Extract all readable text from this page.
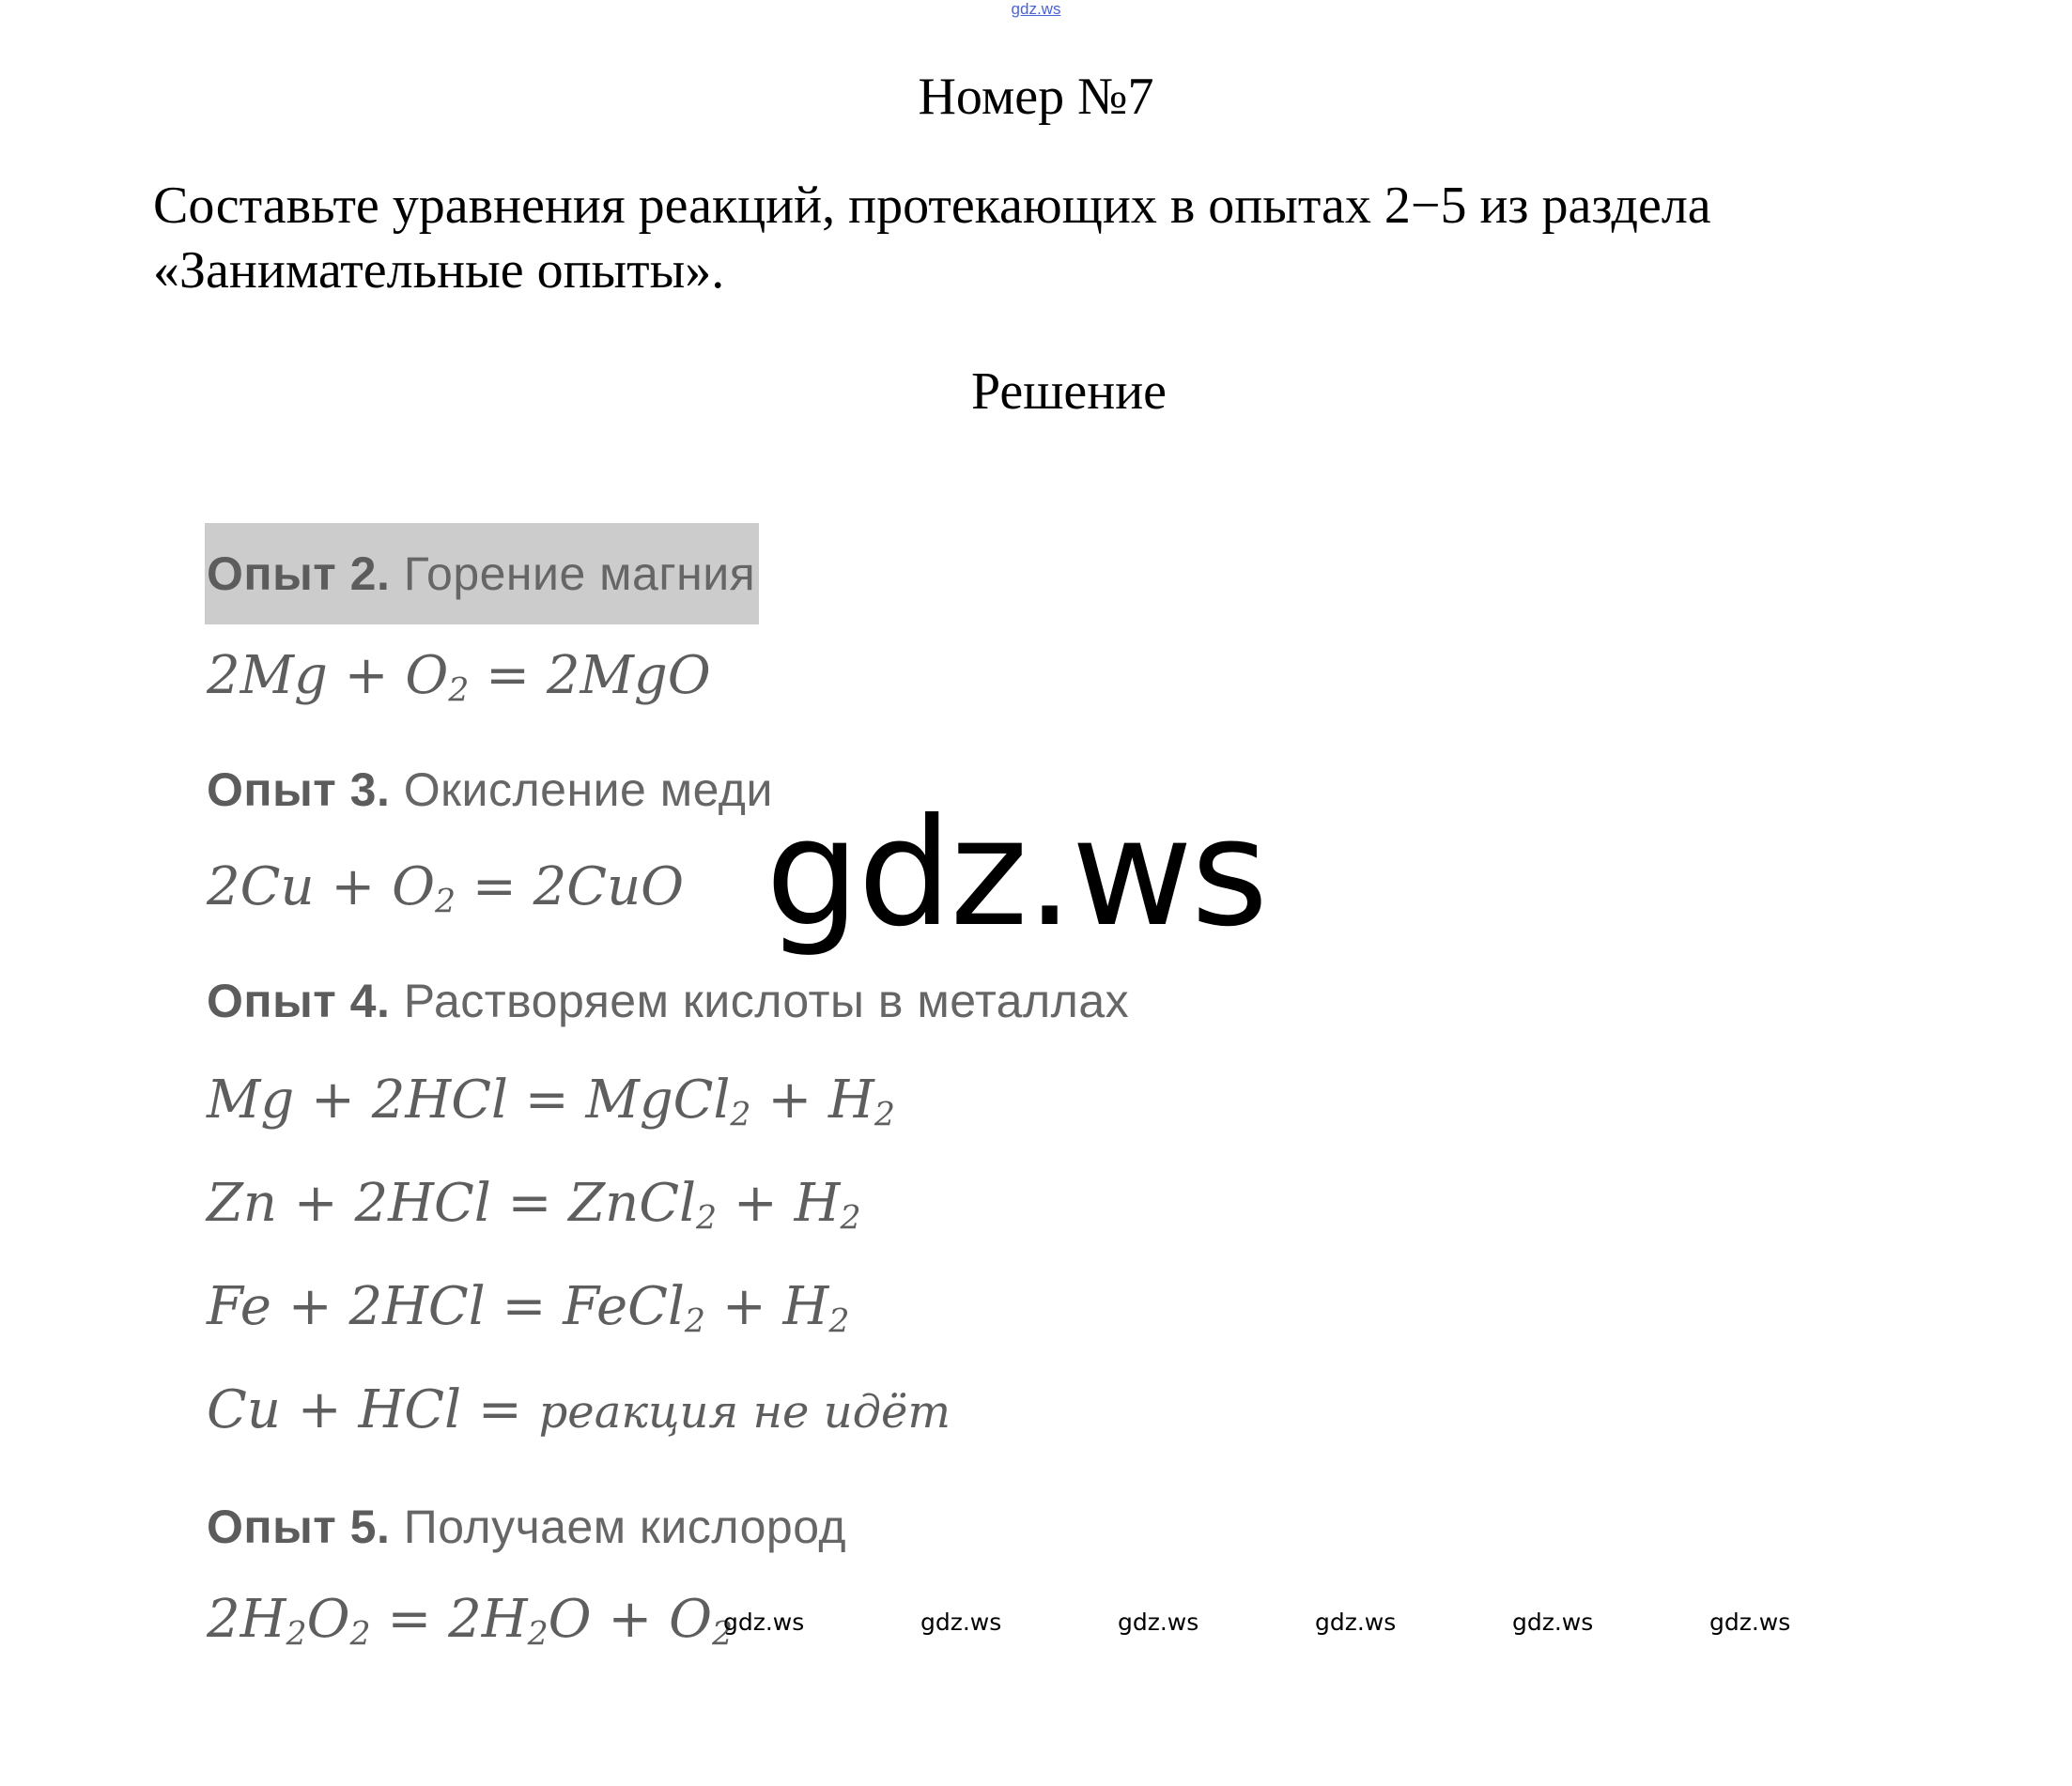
gdz.ws
Номер №7
Составьте уравнения реакций, протекающих в опытах 2−5 из раздела
«Занимательные опыты».
Решение
Опыт 2. Горение магния
$2Mg + O_2 = 2MgO$
Опыт 3. Окисление меди
$2Cu + O_2 = 2CuO$
Опыт 4. Растворяем кислоты в металлах
Mg + 2HCl = MgCl$_2$ + $H_2$
Zn + 2HCl = ZnCl$_2$ + $H_2$
Fe + 2HCl = FeCl$_2$ + $H_2$
Cu + HCl = реакция не идёт
Опыт 5. Получаем кислород
$2H_2O_2 = 2H_2O + O_2$
gdz.ws
gdz.ws	gdz.ws	gdz.ws	gdz.ws	gdz.ws	gdz.ws
